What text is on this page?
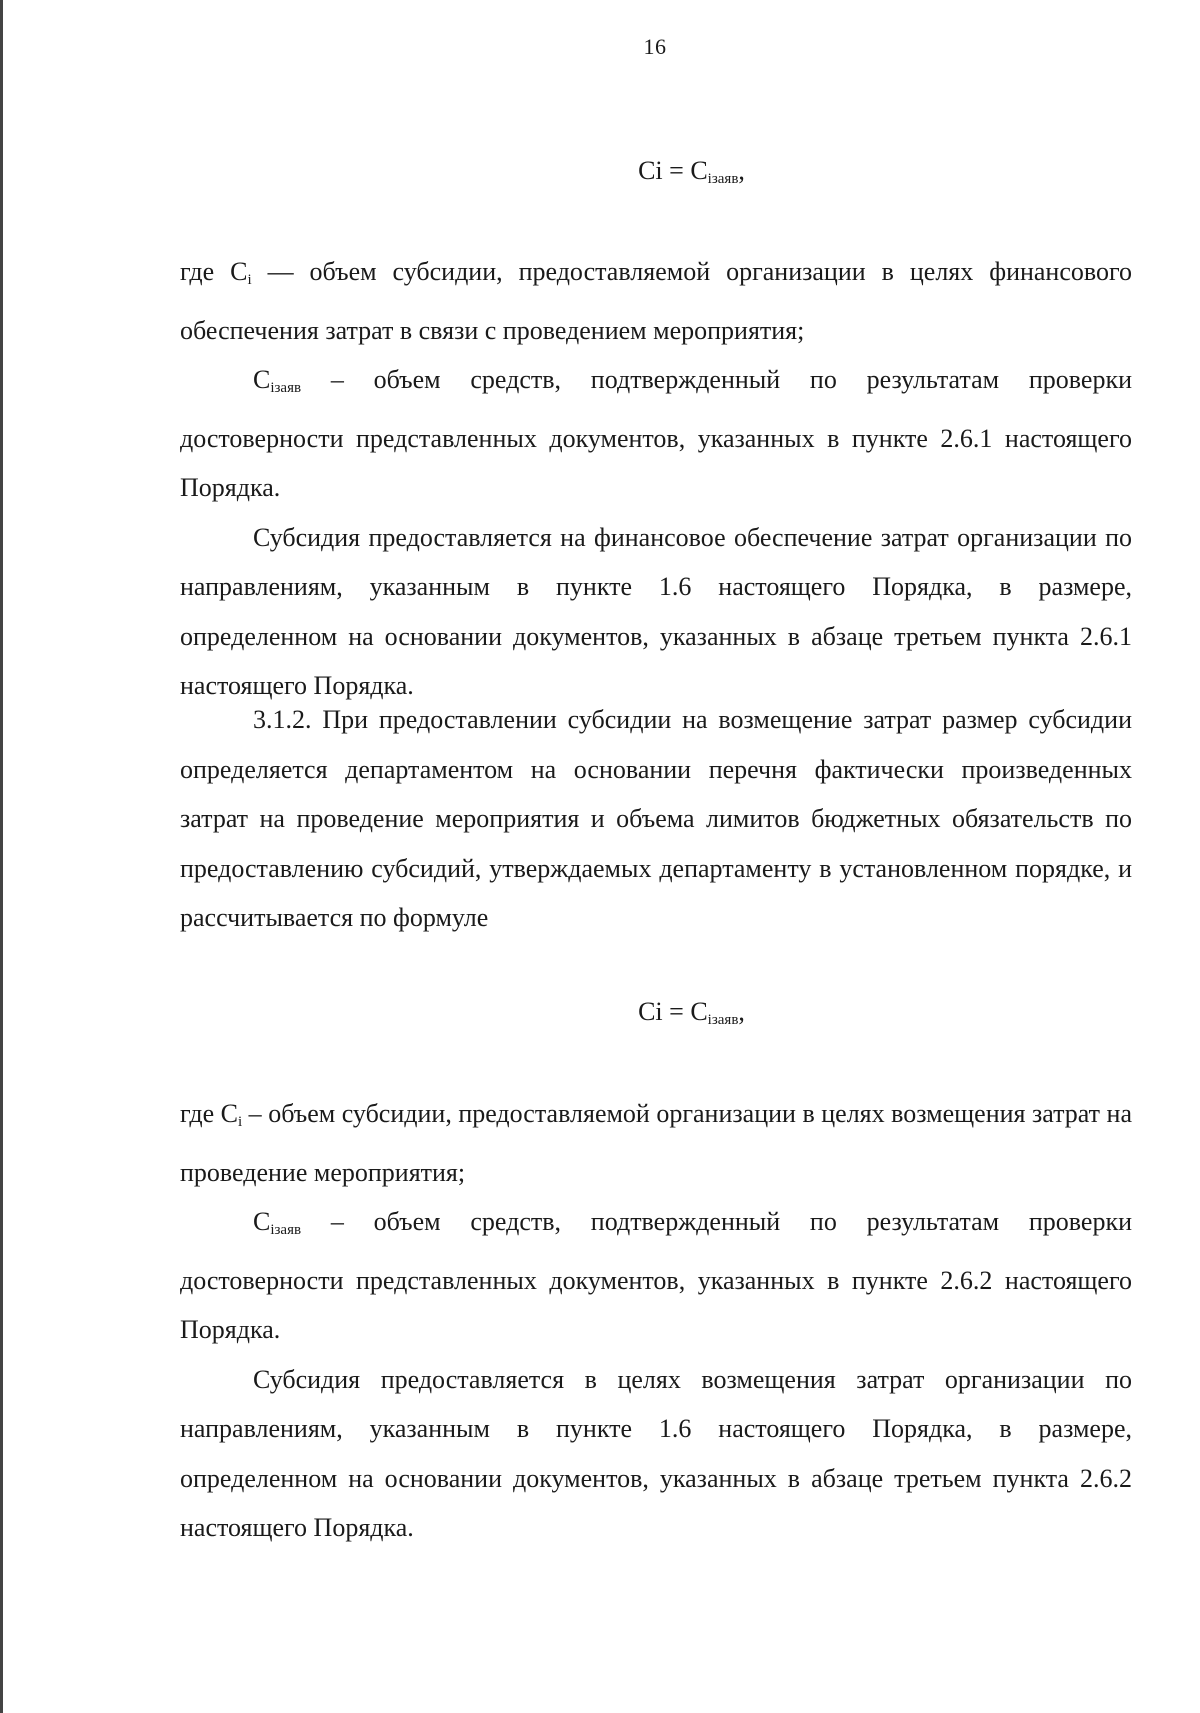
16
$Ci = C_{iзаяв}$,

где Ci — объем субсидии, предоставляемой организации в целях финансового обеспечения затрат в связи с проведением мероприятия;

Ciзаяв – объем средств, подтвержденный по результатам проверки достоверности представленных документов, указанных в пункте 2.6.1 настоящего Порядка.

Субсидия предоставляется на финансовое обеспечение затрат организации по направлениям, указанным в пункте 1.6 настоящего Порядка, в размере, определенном на основании документов, указанных в абзаце третьем пункта 2.6.1 настоящего Порядка.

3.1.2. При предоставлении субсидии на возмещение затрат размер субсидии определяется департаментом на основании перечня фактически произведенных затрат на проведение мероприятия и объема лимитов бюджетных обязательств по предоставлению субсидий, утверждаемых департаменту в установленном порядке, и рассчитывается по формуле

$Ci = C_{iзаяв}$,

где Ci – объем субсидии, предоставляемой организации в целях возмещения затрат на проведение мероприятия;

Ciзаяв – объем средств, подтвержденный по результатам проверки достоверности представленных документов, указанных в пункте 2.6.2 настоящего Порядка.

Субсидия предоставляется в целях возмещения затрат организации по направлениям, указанным в пункте 1.6 настоящего Порядка, в размере, определенном на основании документов, указанных в абзаце третьем пункта 2.6.2 настоящего Порядка.
